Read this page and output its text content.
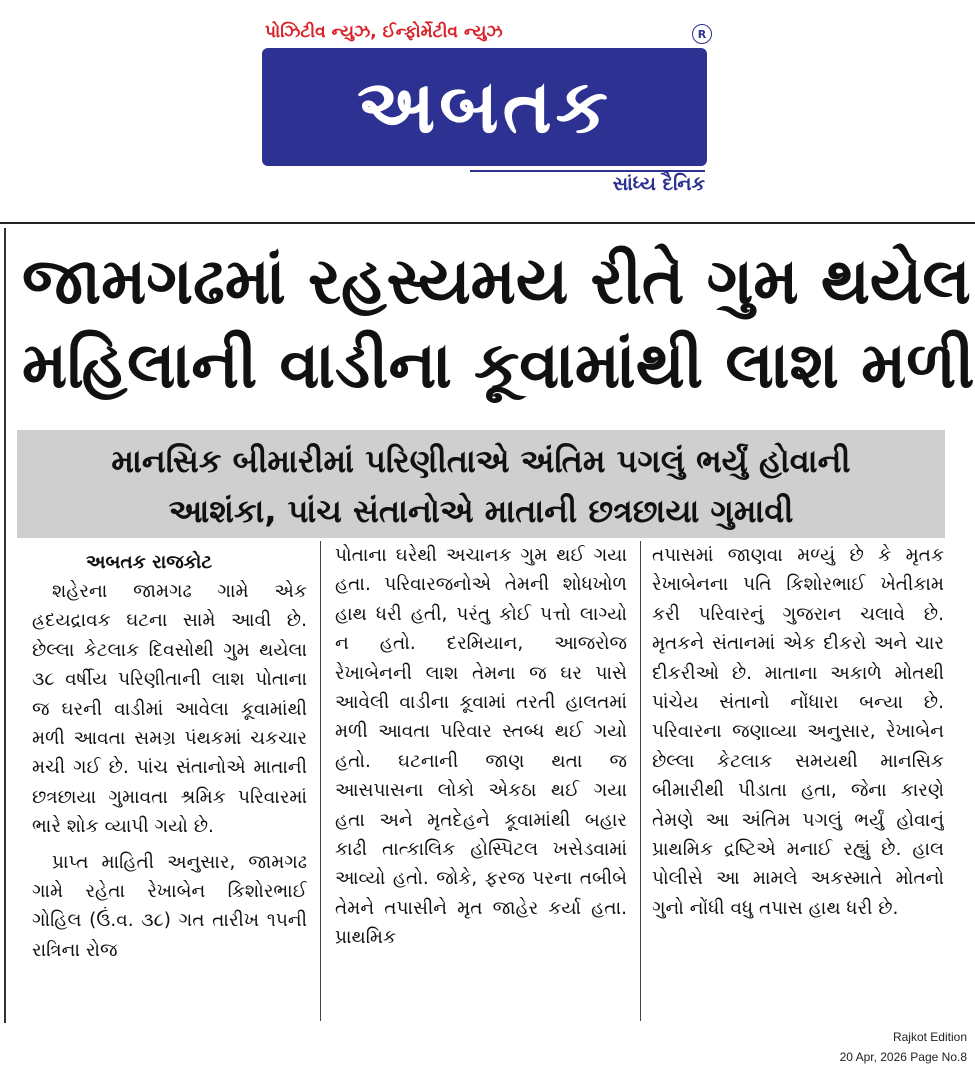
પોઝિટીવ ન્યુઝ, ઈન્ફોર્મેટીવ ન્યુઝ
અબતક
R
સાંધ્ય દૈનિક
જામગઢમાં રહસ્યમય રીતે ગુમ થયેલ
મહિલાની વાડીના કૂવામાંથી લાશ મળી
માનસિક બીમારીમાં પરિણીતાએ અંતિમ પગલું ભર્યું હોવાની
આશંકા, પાંચ સંતાનોએ માતાની છત્રછાયા ગુમાવી
અબતક રાજકોટ

શહેરના જામગઢ ગામે એક હ્રદયદ્રાવક ઘટના સામે આવી છે. છેલ્લા કેટલાક દિવસોથી ગુમ થયેલા ૩૮ વર્ષીય પરિણીતાની લાશ પોતાના જ ઘરની વાડીમાં આવેલા કૂવામાંથી મળી આવતા સમગ્ર પંથકમાં ચકચાર મચી ગઈ છે. પાંચ સંતાનોએ માતાની છત્રછાયા ગુમાવતા શ્રમિક પરિવારમાં ભારે શોક વ્યાપી ગયો છે.

પ્રાપ્ત માહિતી અનુસાર, જામગઢ ગામે રહેતા રેખાબેન કિશોરભાઈ ગોહિલ (ઉં.વ. ૩૮) ગત તારીખ ૧૫ની રાત્રિના રોજ

પોતાના ઘરેથી અચાનક ગુમ થઈ ગયા હતા. પરિવારજનોએ તેમની શોધખોળ હાથ ધરી હતી, પરંતુ કોઈ પત્તો લાગ્યો ન હતો. દરમિયાન, આજરોજ રેખાબેનની લાશ તેમના જ ઘર પાસે આવેલી વાડીના કૂવામાં તરતી હાલતમાં મળી આવતા પરિવાર સ્તબ્ધ થઈ ગયો હતો. ઘટનાની જાણ થતા જ આસપાસના લોકો એકઠા થઈ ગયા હતા અને મૃતદેહને કૂવામાંથી બહાર કાઢી તાત્કાલિક હોસ્પિટલ ખસેડવામાં આવ્યો હતો. જોકે, ફરજ પરના તબીબે તેમને તપાસીને મૃત જાહેર કર્યા હતા. પ્રાથમિક

તપાસમાં જાણવા મળ્યું છે કે મૃતક રેખાબેનના પતિ કિશોરભાઈ ખેતીકામ કરી પરિવારનું ગુજરાન ચલાવે છે. મૃતકને સંતાનમાં એક દીકરો અને ચાર દીકરીઓ છે. માતાના અકાળે મોતથી પાંચેય સંતાનો નોંધારા બન્યા છે. પરિવારના જણાવ્યા અનુસાર, રેખાબેન છેલ્લા કેટલાક સમયથી માનસિક બીમારીથી પીડાતા હતા, જેના કારણે તેમણે આ અંતિમ પગલું ભર્યું હોવાનું પ્રાથમિક દ્રષ્ટિએ મનાઈ રહ્યું છે. હાલ પોલીસે આ મામલે અકસ્માતે મોતનો ગુનો નોંધી વધુ તપાસ હાથ ધરી છે.

Rajkot Edition
20 Apr, 2026 Page No.8
